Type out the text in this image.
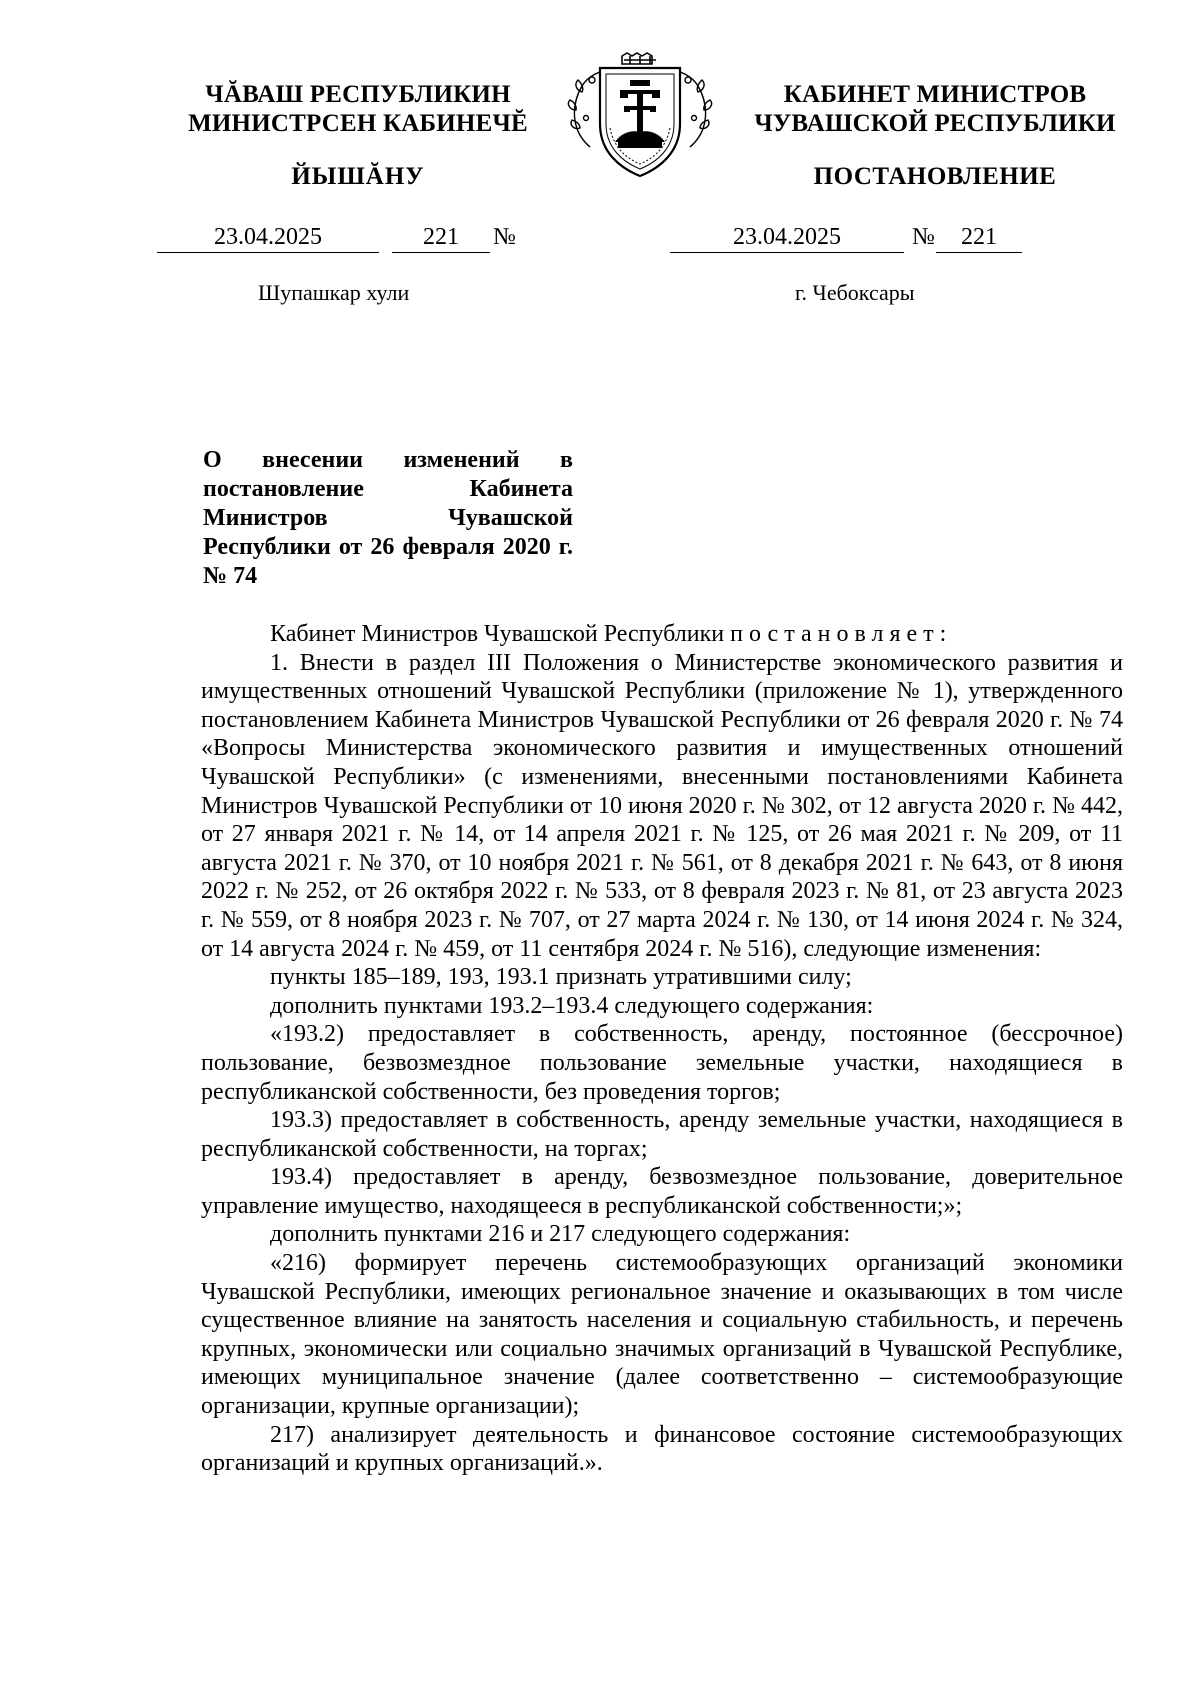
ЧĂВАШ РЕСПУБЛИКИН
МИНИСТРСЕН КАБИНЕЧĔ
КАБИНЕТ МИНИСТРОВ
ЧУВАШСКОЙ РЕСПУБЛИКИ
ЙЫШĂНУ	ПОСТАНОВЛЕНИЕ
23.04.2025	221	№	23.04.2025	№	221
Шупашкар хули	г. Чебоксары
О внесении изменений в постановление Кабинета Министров Чувашской Республики от 26 февраля 2020 г. № 74

Кабинет Министров Чувашской Республики постановляет:

1. Внести в раздел III Положения о Министерстве экономического развития и имущественных отношений Чувашской Республики (приложение № 1), утвержденного постановлением Кабинета Министров Чувашской Республики от 26 февраля 2020 г. № 74 «Вопросы Министерства экономического развития и имущественных отношений Чувашской Республики» (с изменениями, внесенными постановлениями Кабинета Министров Чувашской Республики от 10 июня 2020 г. № 302, от 12 августа 2020 г. № 442, от 27 января 2021 г. № 14, от 14 апреля 2021 г. № 125, от 26 мая 2021 г. № 209, от 11 августа 2021 г. № 370, от 10 ноября 2021 г. № 561, от 8 декабря 2021 г. № 643, от 8 июня 2022 г. № 252, от 26 октября 2022 г. № 533, от 8 февраля 2023 г. № 81, от 23 августа 2023 г. № 559, от 8 ноября 2023 г. № 707, от 27 марта 2024 г. № 130, от 14 июня 2024 г. № 324, от 14 августа 2024 г. № 459, от 11 сентября 2024 г. № 516), следующие изменения:

пункты 185–189, 193, 193.1 признать утратившими силу;

дополнить пунктами 193.2–193.4 следующего содержания:

«193.2) предоставляет в собственность, аренду, постоянное (бессрочное) пользование, безвозмездное пользование земельные участки, находящиеся в республиканской собственности, без проведения торгов;

193.3) предоставляет в собственность, аренду земельные участки, находящиеся в республиканской собственности, на торгах;

193.4) предоставляет в аренду, безвозмездное пользование, доверительное управление имущество, находящееся в республиканской собственности;»;

дополнить пунктами 216 и 217 следующего содержания:

«216) формирует перечень системообразующих организаций экономики Чувашской Республики, имеющих региональное значение и оказывающих в том числе существенное влияние на занятость населения и социальную стабильность, и перечень крупных, экономически или социально значимых организаций в Чувашской Республике, имеющих муниципальное значение (далее соответственно – системообразующие организации, крупные организации);

217) анализирует деятельность и финансовое состояние системообразующих организаций и крупных организаций.».
